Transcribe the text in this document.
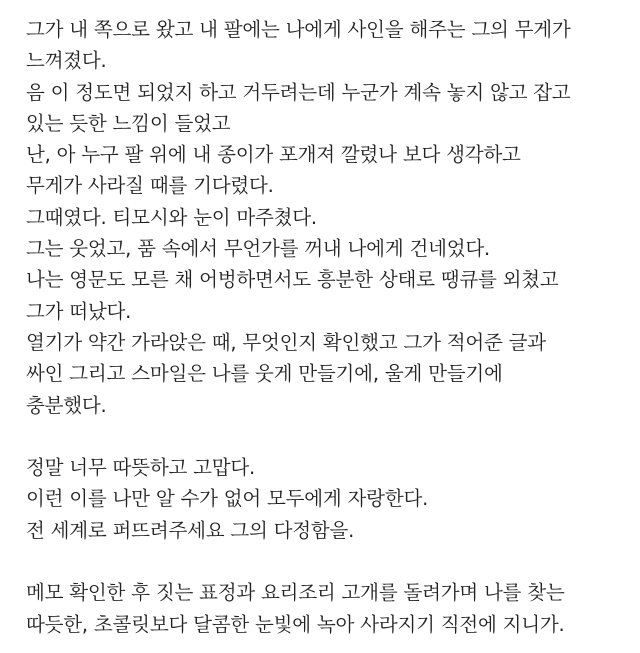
그가 내 쪽으로 왔고 내 팔에는 나에게 사인을 해주는 그의 무게가
느껴졌다.
음 이 정도면 되었지 하고 거두려는데 누군가 계속 놓지 않고 잡고
있는 듯한 느낌이 들었고
난, 아 누구 팔 위에 내 종이가 포개져 깔렸나 보다 생각하고
무게가 사라질 때를 기다렸다.
그때였다. 티모시와 눈이 마주쳤다.
그는 웃었고, 품 속에서 무언가를 꺼내 나에게 건네었다.
나는 영문도 모른 채 어벙하면서도 흥분한 상태로 땡큐를 외쳤고
그가 떠났다.
열기가 약간 가라앉은 때, 무엇인지 확인했고 그가 적어준 글과
싸인 그리고 스마일은 나를 웃게 만들기에, 울게 만들기에
충분했다.
정말 너무 따뜻하고 고맙다.
이런 이를 나만 알 수가 없어 모두에게 자랑한다.
전 세계로 퍼뜨려주세요 그의 다정함을.
메모 확인한 후 짓는 표정과 요리조리 고개를 돌려가며 나를 찾는
따듯한, 초콜릿보다 달콤한 눈빛에 녹아 사라지기 직전에 지니가.
